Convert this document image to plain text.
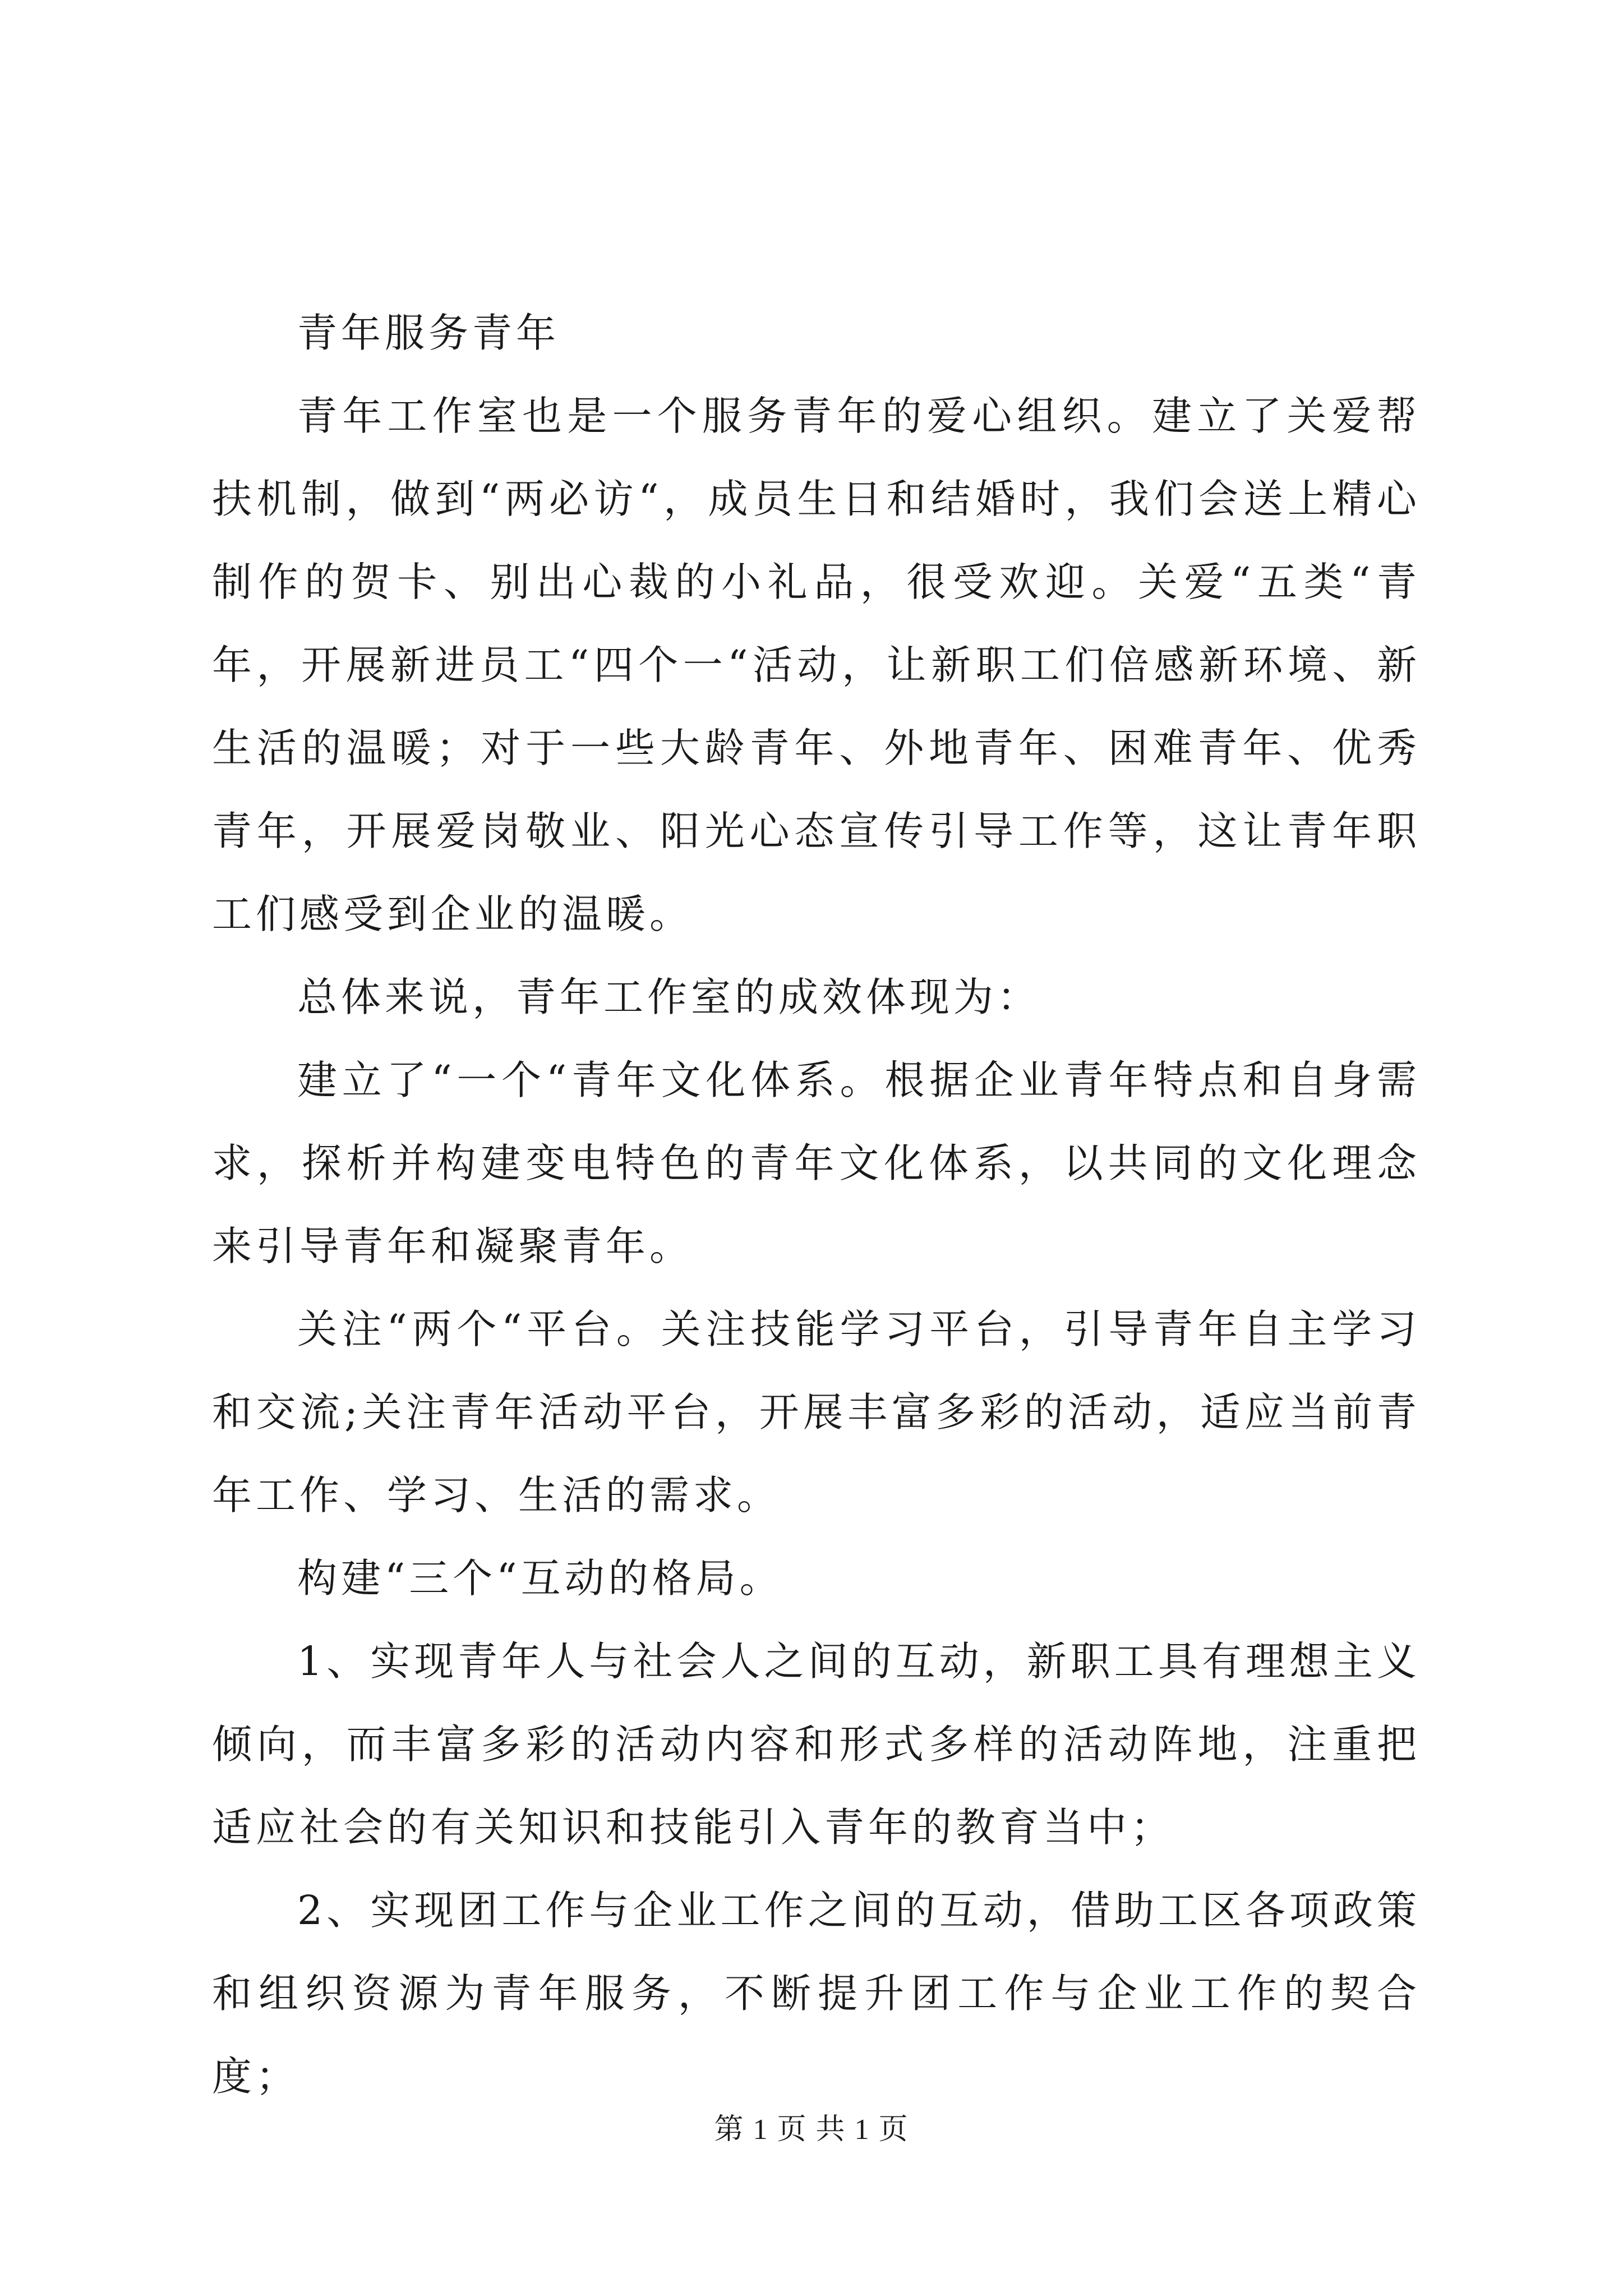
青年服务青年

青年工作室也是一个服务青年的爱心组织。建立了关爱帮扶机制，做到“两必访“，成员生日和结婚时，我们会送上精心制作的贺卡、别出心裁的小礼品，很受欢迎。关爱“五类“青年，开展新进员工“四个一“活动，让新职工们倍感新环境、新生活的温暖；对于一些大龄青年、外地青年、困难青年、优秀青年，开展爱岗敬业、阳光心态宣传引导工作等，这让青年职工们感受到企业的温暖。

总体来说，青年工作室的成效体现为：

建立了“一个“青年文化体系。根据企业青年特点和自身需求，探析并构建变电特色的青年文化体系，以共同的文化理念来引导青年和凝聚青年。

关注“两个“平台。关注技能学习平台，引导青年自主学习和交流;关注青年活动平台，开展丰富多彩的活动，适应当前青年工作、学习、生活的需求。

构建“三个“互动的格局。

1、实现青年人与社会人之间的互动，新职工具有理想主义倾向，而丰富多彩的活动内容和形式多样的活动阵地，注重把适应社会的有关知识和技能引入青年的教育当中；

2、实现团工作与企业工作之间的互动，借助工区各项政策和组织资源为青年服务，不断提升团工作与企业工作的契合度；

第 1 页 共 1 页
